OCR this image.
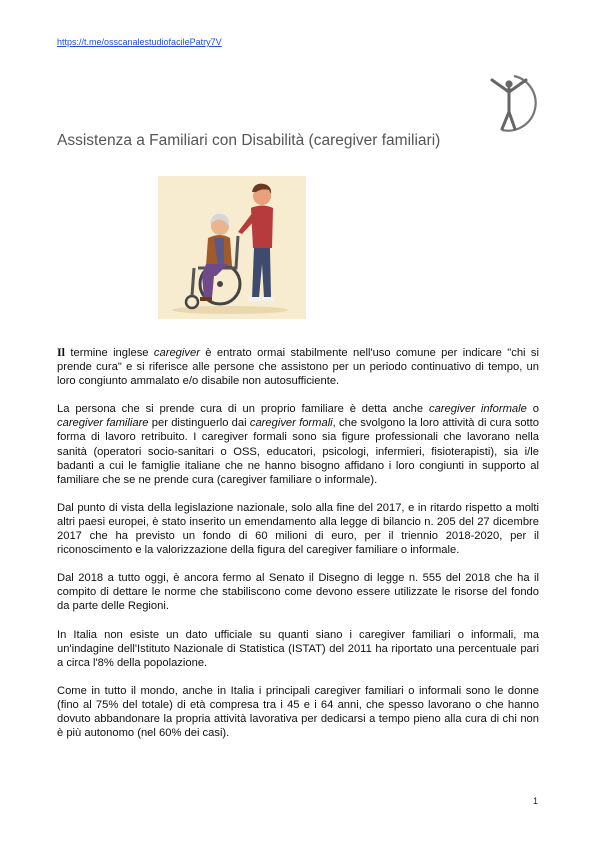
https://t.me/osscanalestudiofacilePatry7V
Assistenza a Familiari con Disabilità (caregiver familiari)

Il termine inglese caregiver è entrato ormai stabilmente nell'uso comune per indicare "chi si prende cura" e si riferisce alle persone che assistono per un periodo continuativo di tempo, un loro congiunto ammalato e/o disabile non autosufficiente.

La persona che si prende cura di un proprio familiare è detta anche caregiver informale o caregiver familiare per distinguerlo dai caregiver formali, che svolgono la loro attività di cura sotto forma di lavoro retribuito. I caregiver formali sono sia figure professionali che lavorano nella sanità (operatori socio-sanitari o OSS, educatori, psicologi, infermieri, fisioterapisti), sia i/le badanti a cui le famiglie italiane che ne hanno bisogno affidano i loro congiunti in supporto al familiare che se ne prende cura (caregiver familiare o informale).

Dal punto di vista della legislazione nazionale, solo alla fine del 2017, e in ritardo rispetto a molti altri paesi europei, è stato inserito un emendamento alla legge di bilancio n. 205 del 27 dicembre 2017 che ha previsto un fondo di 60 milioni di euro, per il triennio 2018-2020, per il riconoscimento e la valorizzazione della figura del caregiver familiare o informale.

Dal 2018 a tutto oggi, è ancora fermo al Senato il Disegno di legge n. 555 del 2018 che ha il compito di dettare le norme che stabiliscono come devono essere utilizzate le risorse del fondo da parte delle Regioni.

In Italia non esiste un dato ufficiale su quanti siano i caregiver familiari o informali, ma un'indagine dell'Istituto Nazionale di Statistica (ISTAT) del 2011 ha riportato una percentuale pari a circa l'8% della popolazione.

Come in tutto il mondo, anche in Italia i principali caregiver familiari o informali sono le donne (fino al 75% del totale) di età compresa tra i 45 e i 64 anni, che spesso lavorano o che hanno dovuto abbandonare la propria attività lavorativa per dedicarsi a tempo pieno alla cura di chi non è più autonomo (nel 60% dei casi).

1
